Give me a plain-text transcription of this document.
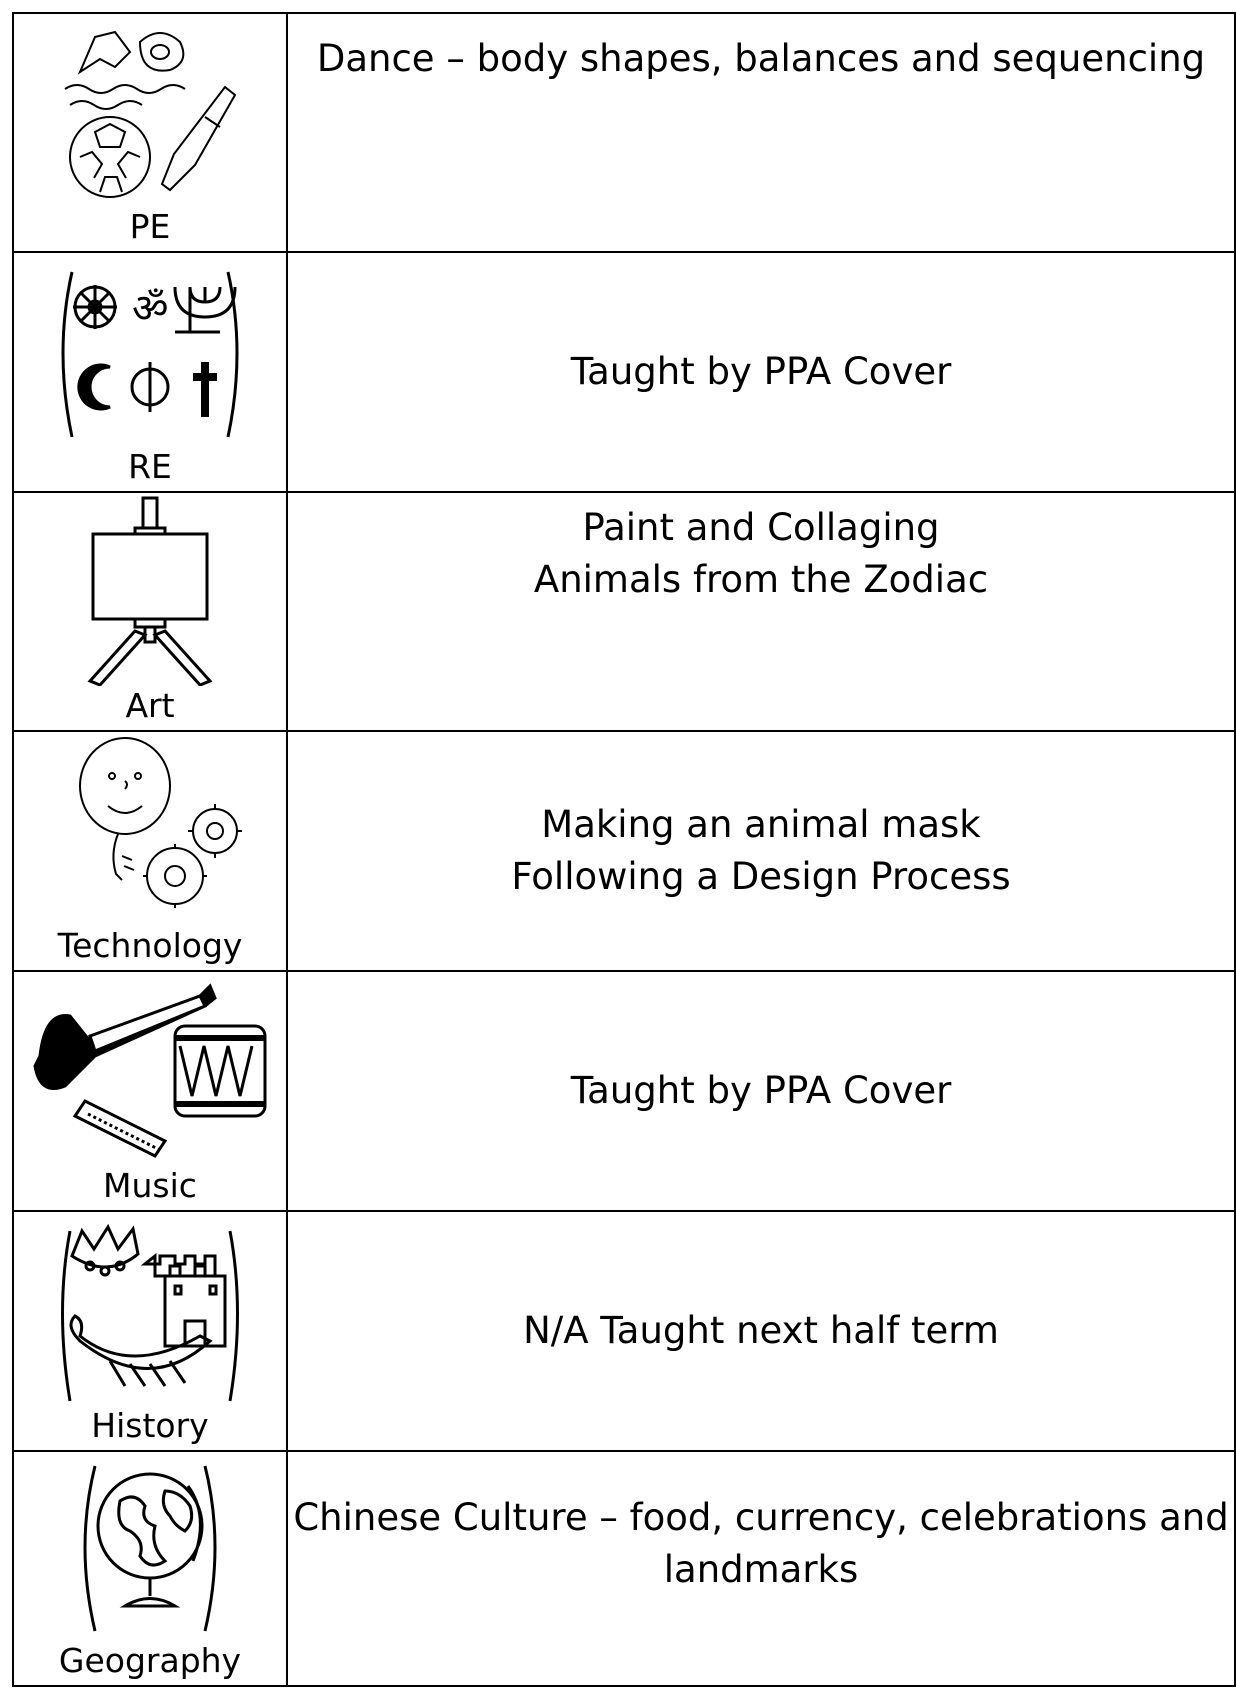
PE	Dance – body shapes, balances and sequencing

ॐ
RE	Taught by PPA Cover

Art	Paint and Collaging
Animals from the Zodiac

Technology	Making an animal mask
Following a Design Process

Music	Taught by PPA Cover

History	N/A Taught next half term

Geography	Chinese Culture – food, currency, celebrations and
landmarks
